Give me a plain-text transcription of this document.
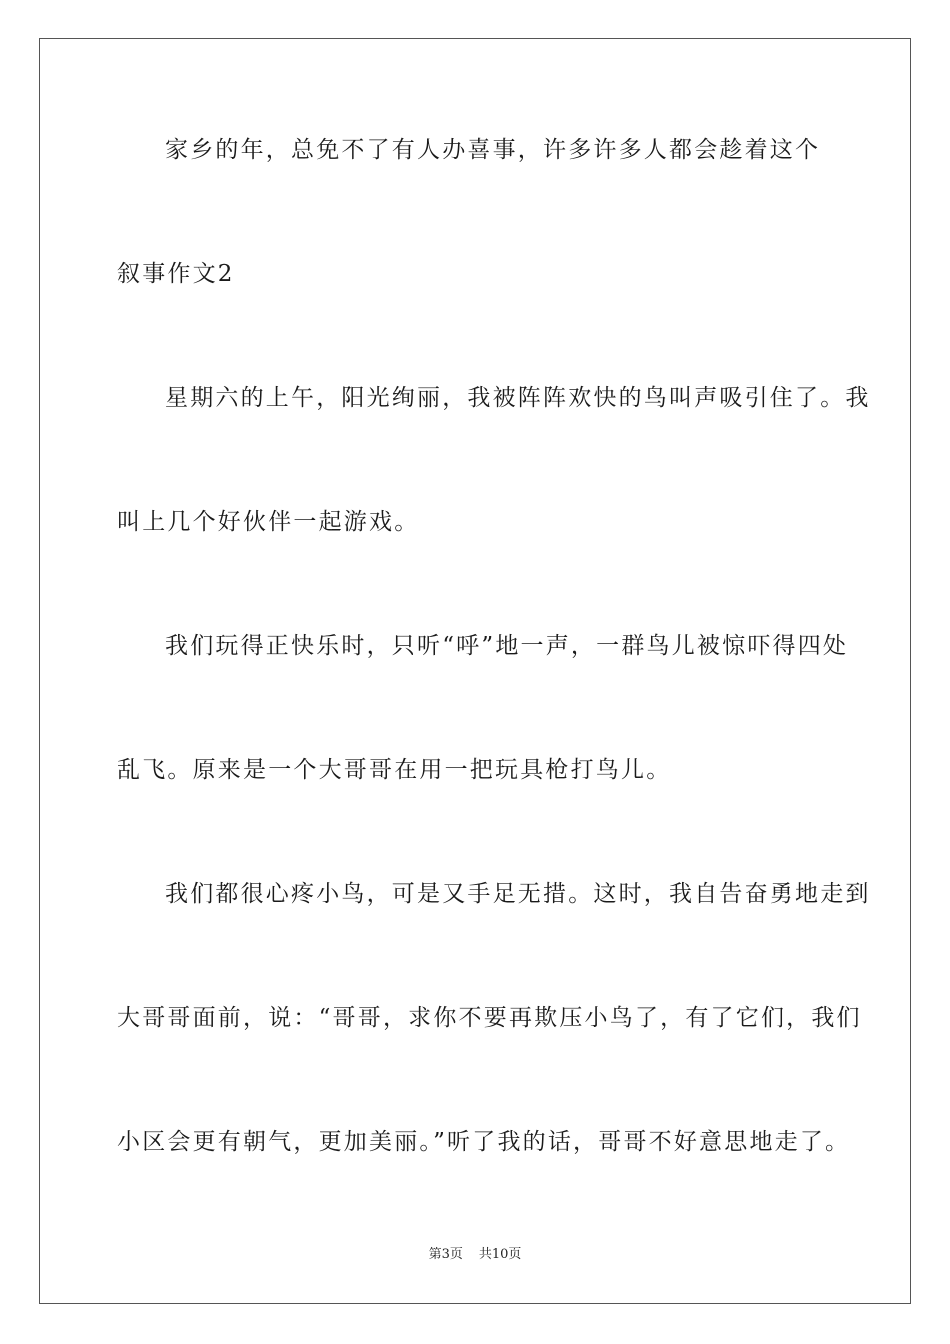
家乡的年，总免不了有人办喜事，许多许多人都会趁着这个
叙事作文2
星期六的上午，阳光绚丽，我被阵阵欢快的鸟叫声吸引住了。我
叫上几个好伙伴一起游戏。
我们玩得正快乐时，只听“呼”地一声，一群鸟儿被惊吓得四处
乱飞。原来是一个大哥哥在用一把玩具枪打鸟儿。
我们都很心疼小鸟，可是又手足无措。这时，我自告奋勇地走到
大哥哥面前，说：“哥哥，求你不要再欺压小鸟了，有了它们，我们
小区会更有朝气，更加美丽。”听了我的话，哥哥不好意思地走了。
第3页 共10页
